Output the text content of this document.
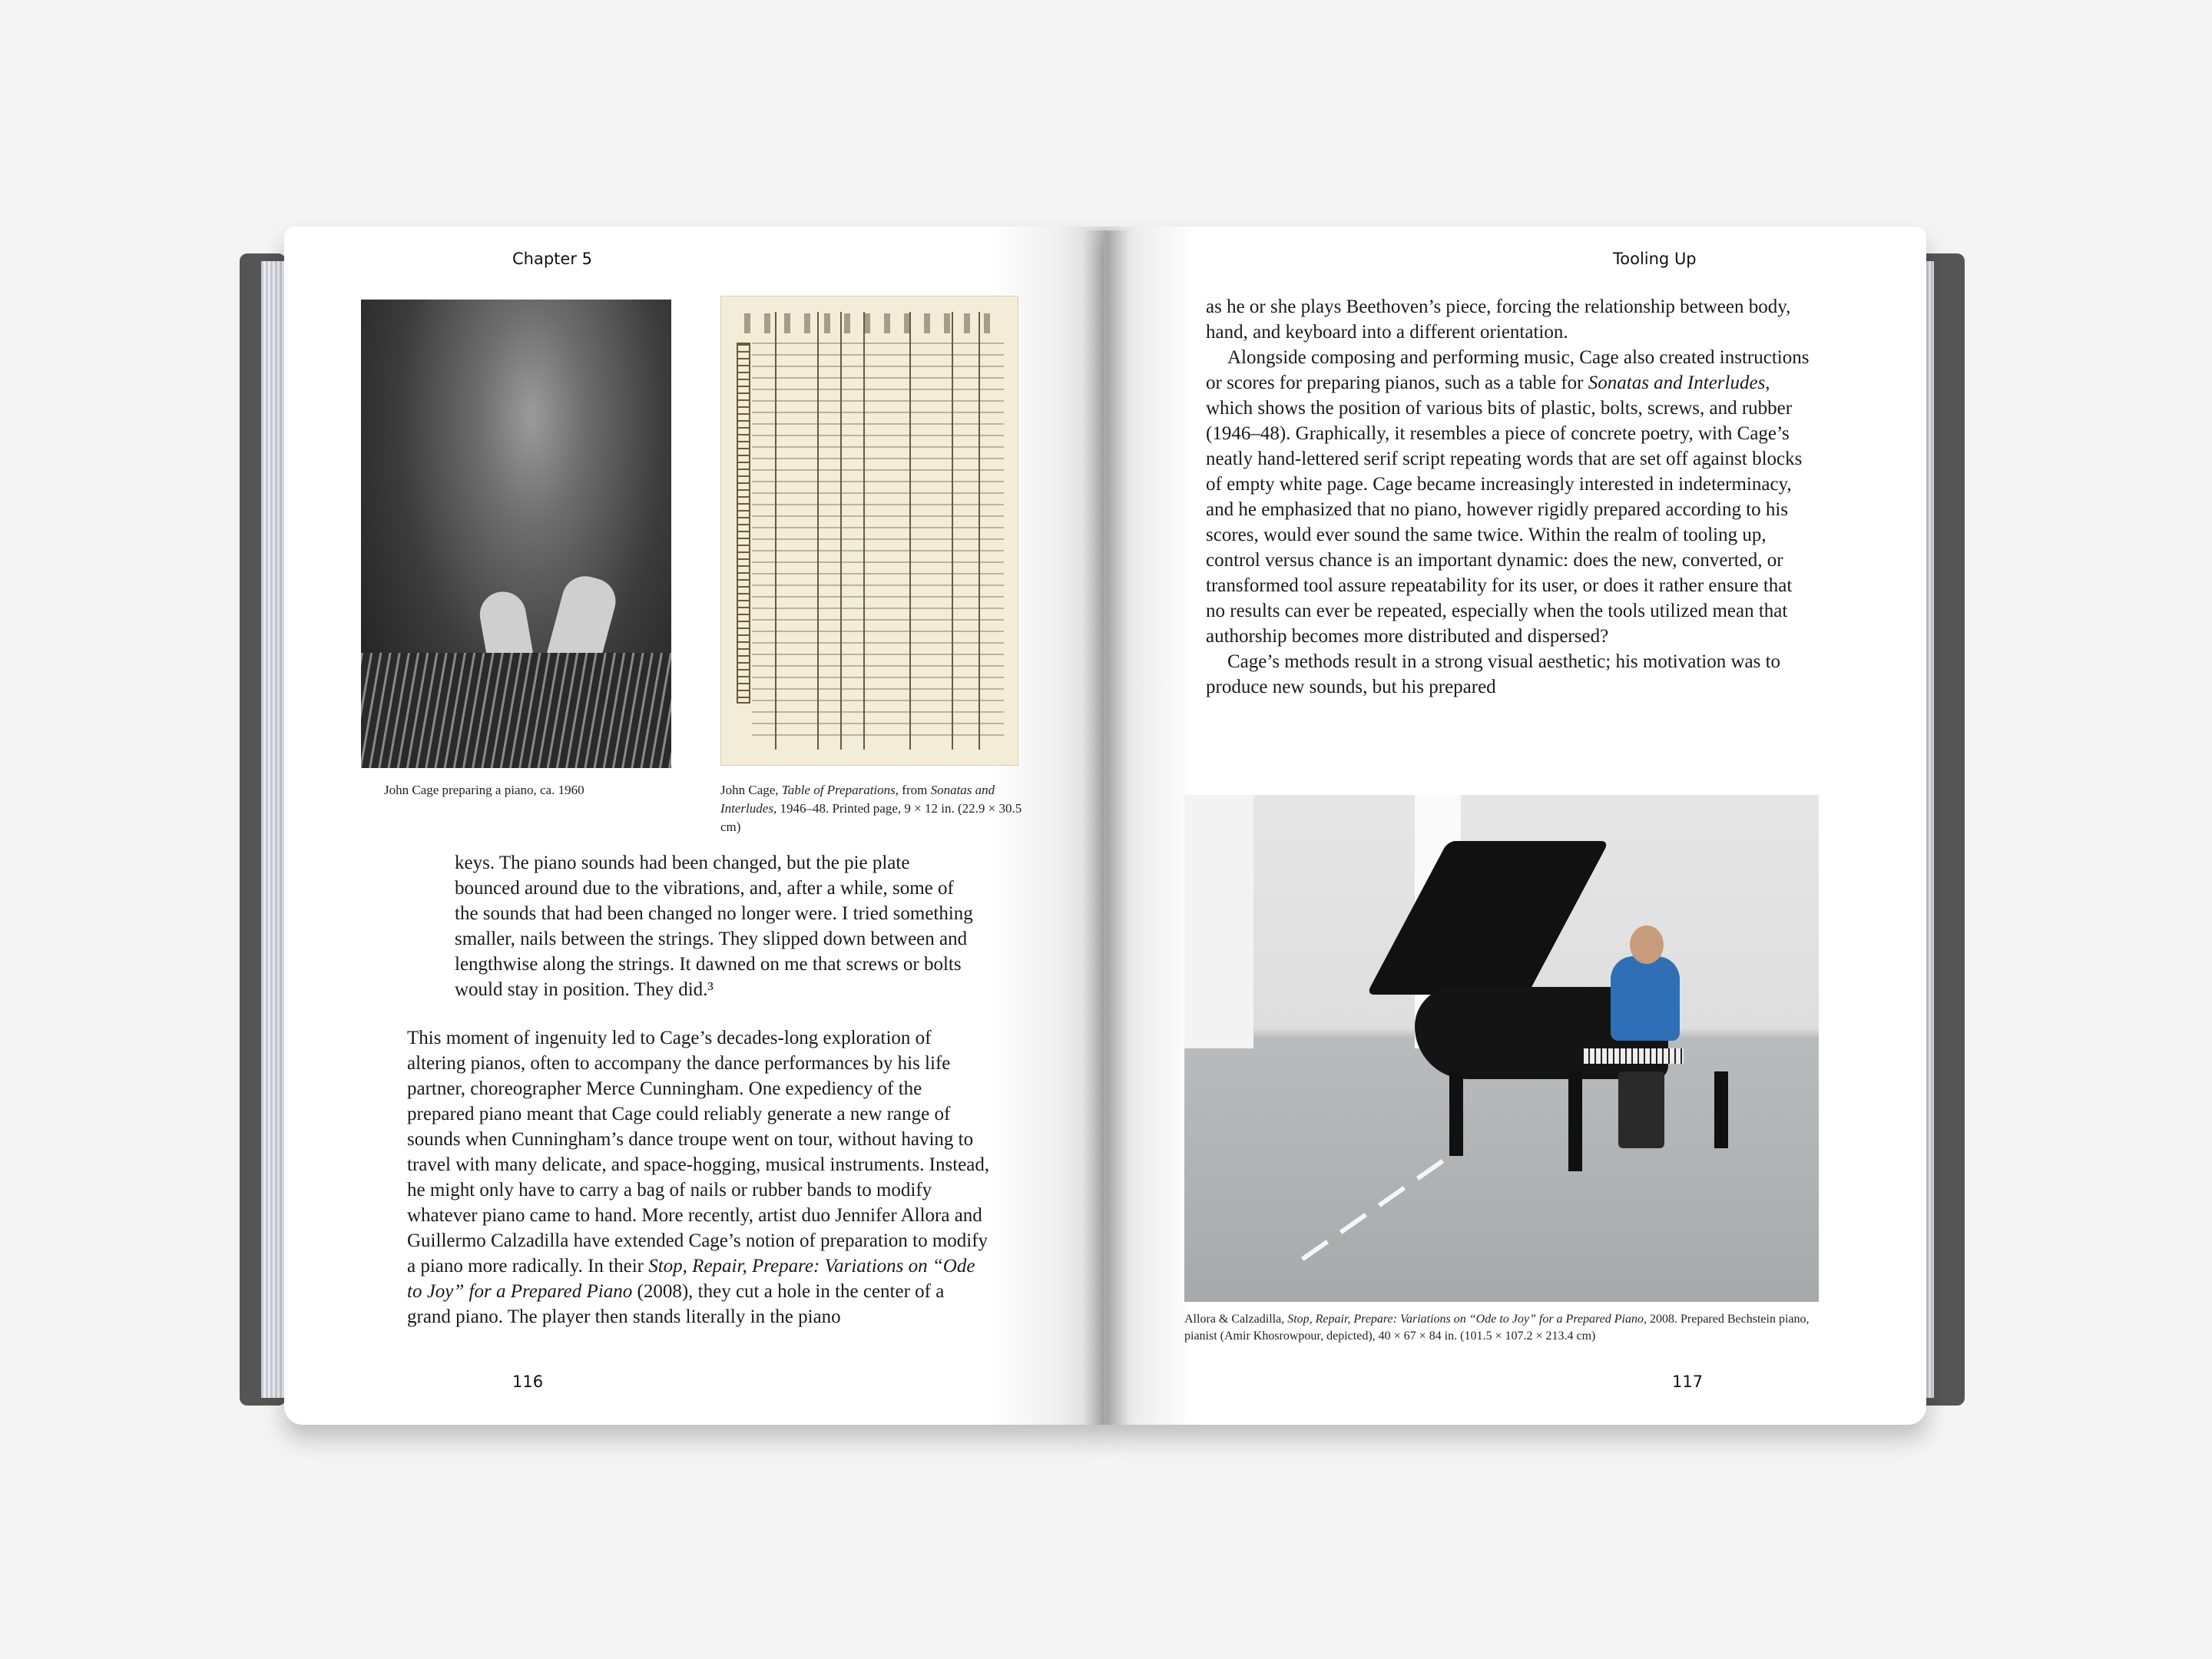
Chapter 5
John Cage preparing a piano, ca. 1960	John Cage, Table of Preparations, from Sonatas and Interludes, 1946–48. Printed page, 9 × 12 in. (22.9 × 30.5 cm)

keys. The piano sounds had been changed, but the pie plate bounced around due to the vibrations, and, after a while, some of the sounds that had been changed no longer were. I tried something smaller, nails between the strings. They slipped down between and lengthwise along the strings. It dawned on me that screws or bolts would stay in position. They did.³

This moment of ingenuity led to Cage’s decades-long exploration of altering pianos, often to accompany the dance performances by his life partner, choreographer Merce Cunningham. One expediency of the prepared piano meant that Cage could reliably generate a new range of sounds when Cunningham’s dance troupe went on tour, without having to travel with many delicate, and space-hogging, musical instruments. Instead, he might only have to carry a bag of nails or rubber bands to modify whatever piano came to hand. More recently, artist duo Jennifer Allora and Guillermo Calzadilla have extended Cage’s notion of preparation to modify a piano more radically. In their Stop, Repair, Prepare: Variations on “Ode to Joy” for a Prepared Piano (2008), they cut a hole in the center of a grand piano. The player then stands literally in the piano

116
Tooling Up

as he or she plays Beethoven’s piece, forcing the relationship between body, hand, and keyboard into a different orientation.

Alongside composing and performing music, Cage also created instructions or scores for preparing pianos, such as a table for Sonatas and Interludes, which shows the position of various bits of plastic, bolts, screws, and rubber (1946–48). Graphically, it resembles a piece of concrete poetry, with Cage’s neatly hand-lettered serif script repeating words that are set off against blocks of empty white page. Cage became increasingly interested in indeterminacy, and he emphasized that no piano, however rigidly prepared according to his scores, would ever sound the same twice. Within the realm of tooling up, control versus chance is an important dynamic: does the new, converted, or transformed tool assure repeatability for its user, or does it rather ensure that no results can ever be repeated, especially when the tools utilized mean that authorship becomes more distributed and dispersed?

Cage’s methods result in a strong visual aesthetic; his motivation was to produce new sounds, but his prepared

Allora & Calzadilla, Stop, Repair, Prepare: Variations on “Ode to Joy” for a Prepared Piano, 2008. Prepared Bechstein piano, pianist (Amir Khosrowpour, depicted), 40 × 67 × 84 in. (101.5 × 107.2 × 213.4 cm)
117
